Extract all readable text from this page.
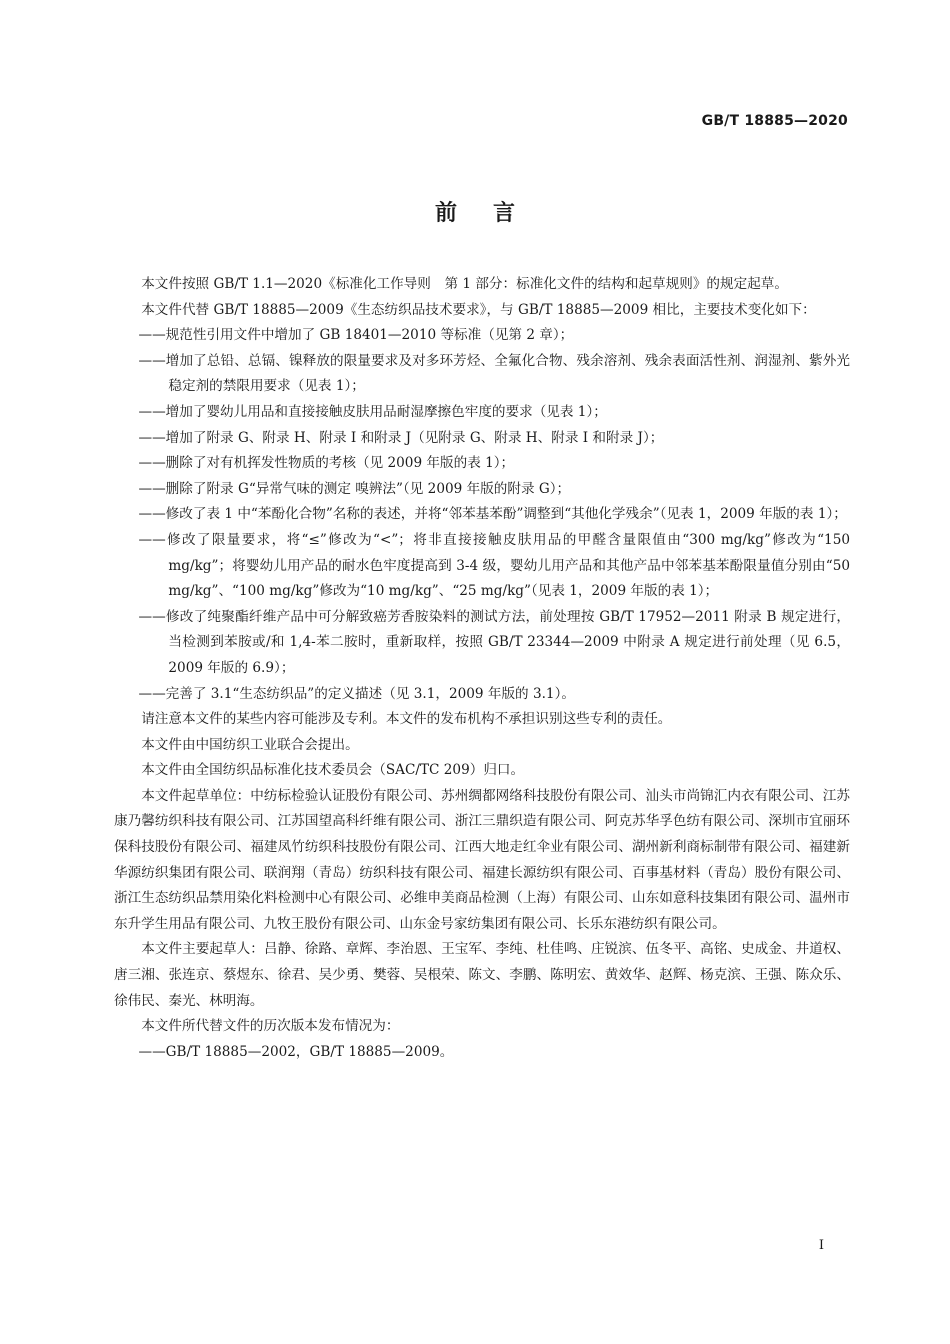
GB/T 18885—2020
前言

本文件按照 GB/T 1.1—2020《标准化工作导则　第 1 部分：标准化文件的结构和起草规则》的规定起草。

本文件代替 GB/T 18885—2009《生态纺织品技术要求》，与 GB/T 18885—2009 相比，主要技术变化如下：

——规范性引用文件中增加了 GB 18401—2010 等标准（见第 2 章）；

——增加了总铅、总镉、镍释放的限量要求及对多环芳烃、全氟化合物、残余溶剂、残余表面活性剂、润湿剂、紫外光稳定剂的禁限用要求（见表 1）；

——增加了婴幼儿用品和直接接触皮肤用品耐湿摩擦色牢度的要求（见表 1）；

——增加了附录 G、附录 H、附录 I 和附录 J（见附录 G、附录 H、附录 I 和附录 J）；

——删除了对有机挥发性物质的考核（见 2009 年版的表 1）；

——删除了附录 G“异常气味的测定 嗅辨法”（见 2009 年版的附录 G）；

——修改了表 1 中“苯酚化合物”名称的表述，并将“邻苯基苯酚”调整到“其他化学残余”（见表 1，2009 年版的表 1）；

——修改了限量要求，将“≤”修改为“<”；将非直接接触皮肤用品的甲醛含量限值由“300 mg/kg”修改为“150 mg/kg”；将婴幼儿用产品的耐水色牢度提高到 3-4 级，婴幼儿用产品和其他产品中邻苯基苯酚限量值分别由“50 mg/kg”、“100 mg/kg”修改为“10 mg/kg”、“25 mg/kg”（见表 1，2009 年版的表 1）；

——修改了纯聚酯纤维产品中可分解致癌芳香胺染料的测试方法，前处理按 GB/T 17952—2011 附录 B 规定进行，当检测到苯胺或/和 1,4-苯二胺时，重新取样，按照 GB/T 23344—2009 中附录 A 规定进行前处理（见 6.5，2009 年版的 6.9）；

——完善了 3.1“生态纺织品”的定义描述（见 3.1，2009 年版的 3.1）。

请注意本文件的某些内容可能涉及专利。本文件的发布机构不承担识别这些专利的责任。

本文件由中国纺织工业联合会提出。

本文件由全国纺织品标准化技术委员会（SAC/TC 209）归口。

本文件起草单位：中纺标检验认证股份有限公司、苏州绸都网络科技股份有限公司、汕头市尚锦汇内衣有限公司、江苏康乃馨纺织科技有限公司、江苏国望高科纤维有限公司、浙江三鼎织造有限公司、阿克苏华孚色纺有限公司、深圳市宜丽环保科技股份有限公司、福建凤竹纺织科技股份有限公司、江西大地走红伞业有限公司、湖州新利商标制带有限公司、福建新华源纺织集团有限公司、联润翔（青岛）纺织科技有限公司、福建长源纺织有限公司、百事基材料（青岛）股份有限公司、浙江生态纺织品禁用染化料检测中心有限公司、必维申美商品检测（上海）有限公司、山东如意科技集团有限公司、温州市东升学生用品有限公司、九牧王股份有限公司、山东金号家纺集团有限公司、长乐东港纺织有限公司。

本文件主要起草人：吕静、徐路、章辉、李治恩、王宝军、李纯、杜佳鸣、庄锐滨、伍冬平、高铭、史成金、井道权、唐三湘、张连京、蔡煜东、徐君、吴少勇、樊蓉、吴根荣、陈文、李鹏、陈明宏、黄效华、赵辉、杨克滨、王强、陈众乐、徐伟民、秦光、林明海。

本文件所代替文件的历次版本发布情况为：

——GB/T 18885—2002，GB/T 18885—2009。

I
